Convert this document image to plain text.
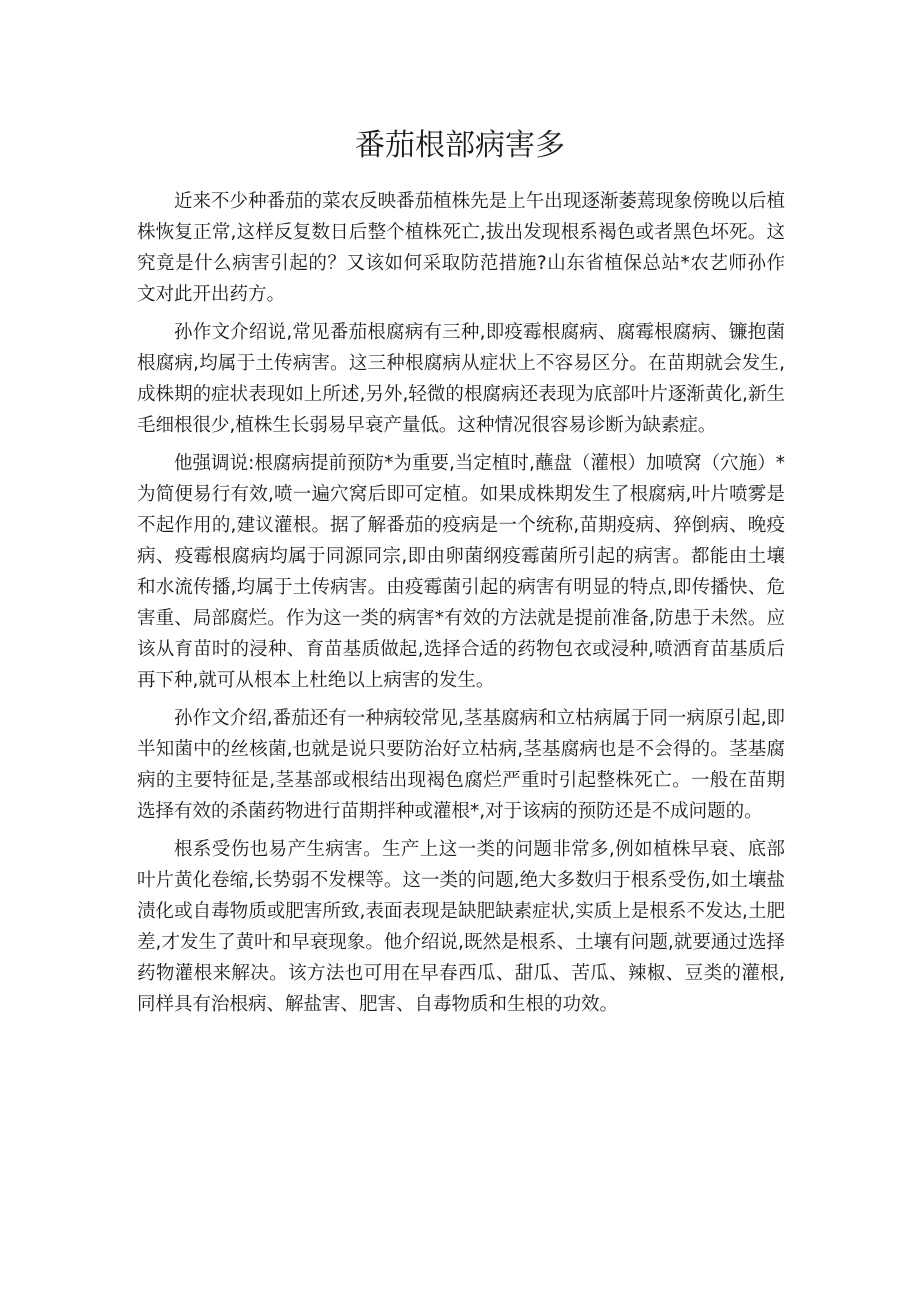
番茄根部病害多

近来不少种番茄的菜农反映番茄植株先是上午出现逐渐萎蔫现象傍晚以后植株恢复正常,这样反复数日后整个植株死亡,拔出发现根系褐色或者黑色坏死。这究竟是什么病害引起的？又该如何采取防范措施?山东省植保总站*农艺师孙作文对此开出药方。

孙作文介绍说,常见番茄根腐病有三种,即疫霉根腐病、腐霉根腐病、镰抱菌根腐病,均属于土传病害。这三种根腐病从症状上不容易区分。在苗期就会发生,成株期的症状表现如上所述,另外,轻微的根腐病还表现为底部叶片逐渐黄化,新生毛细根很少,植株生长弱易早衰产量低。这种情况很容易诊断为缺素症。

他强调说:根腐病提前预防*为重要,当定植时,蘸盘（灌根）加喷窝（穴施）*为简便易行有效,喷一遍穴窝后即可定植。如果成株期发生了根腐病,叶片喷雾是不起作用的,建议灌根。据了解番茄的疫病是一个统称,苗期疫病、猝倒病、晚疫病、疫霉根腐病均属于同源同宗,即由卵菌纲疫霉菌所引起的病害。都能由土壤和水流传播,均属于土传病害。由疫霉菌引起的病害有明显的特点,即传播快、危害重、局部腐烂。作为这一类的病害*有效的方法就是提前准备,防患于未然。应该从育苗时的浸种、育苗基质做起,选择合适的药物包衣或浸种,喷洒育苗基质后再下种,就可从根本上杜绝以上病害的发生。

孙作文介绍,番茄还有一种病较常见,茎基腐病和立枯病属于同一病原引起,即半知菌中的丝核菌,也就是说只要防治好立枯病,茎基腐病也是不会得的。茎基腐病的主要特征是,茎基部或根结出现褐色腐烂严重时引起整株死亡。一般在苗期选择有效的杀菌药物进行苗期拌种或灌根*,对于该病的预防还是不成问题的。

根系受伤也易产生病害。生产上这一类的问题非常多,例如植株早衰、底部叶片黄化卷缩,长势弱不发棵等。这一类的问题,绝大多数归于根系受伤,如土壤盐渍化或自毒物质或肥害所致,表面表现是缺肥缺素症状,实质上是根系不发达,土肥差,才发生了黄叶和早衰现象。他介绍说,既然是根系、土壤有问题,就要通过选择药物灌根来解决。该方法也可用在早春西瓜、甜瓜、苦瓜、辣椒、豆类的灌根,同样具有治根病、解盐害、肥害、自毒物质和生根的功效。
